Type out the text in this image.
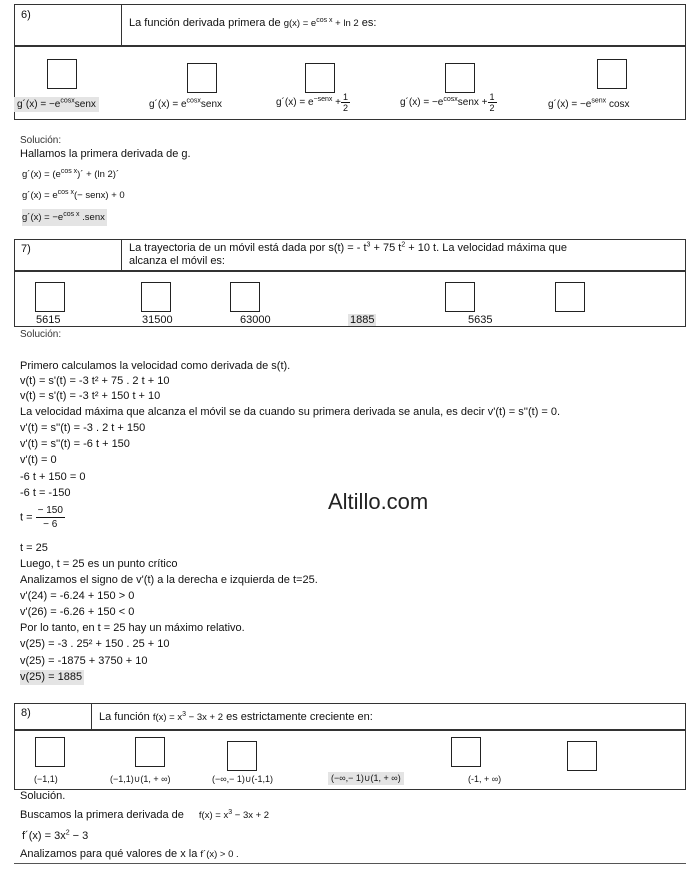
6)
La función derivada primera de $g(x) = e^{cos x} + \ln 2$ es:
g´(x) = $-e^{cosx}senx$	g´(x) = $e^{cosx}senx$	g´(x) = $e^{-senx} + \frac{1}{2}$	g´(x) = $-e^{cosx}senx + \frac{1}{2}$	g´(x) = $-e^{senx}$ cosx
Solución:
Hallamos la primera derivada de g.
g´(x) = $(e^{cos x})´ + (\ln$ 2)´
g´(x) = $e^{cos x}(-$ senx) + 0
g´(x) = $-e^{cos x}$ .senx
7)	La trayectoria de un móvil está dada por s(t) = - $t^3 + 75$ $t^2 + 10$ t. La velocidad máxima que
alcanza el móvil es:
5615	31500	63000	1885	5635
Solución:
Primero calculamos la velocidad como derivada de s(t).
v(t) = s'(t) = -3 t² + 75 . 2 t + 10
v(t) = s'(t) = -3 t² + 150 t + 10
La velocidad máxima que alcanza el móvil se da cuando su primera derivada se anula, es decir v'(t) = s''(t) = 0.
v'(t) = s''(t) = -3 . 2 t + 150
v'(t) = s''(t) = -6 t + 150
v'(t) = 0
-6 t + 150 = 0
-6 t = -150
$t = \frac{- 150}{- 6}$
t = 25
Luego, t = 25 es un punto crítico
Analizamos el signo de v'(t) a la derecha e izquierda de t=25.
v'(24) = -6.24 + 150 > 0
v'(26) = -6.26 + 150 < 0
Por lo tanto, en t = 25 hay un máximo relativo.
v(25) = -3 . 25² + 150 . 25 + 10
v(25) = -1875 + 3750 + 10
v(25) = 1885
Altillo.com
8)	La función $f(x) = x^3 - 3x + 2$ es estrictamente creciente en:
(−1,1)	(−1,1)∪(1, + ∞)	(−∞,− 1)∪(-1,1)	(−∞,− 1)∪(1, + ∞)	(-1, + ∞)
Solución.
Buscamos la primera derivada de $f(x) = x^3 - 3x + 2$
f´(x) = $3x^2 - 3$
Analizamos para qué valores de x la f´(x) > 0 .
